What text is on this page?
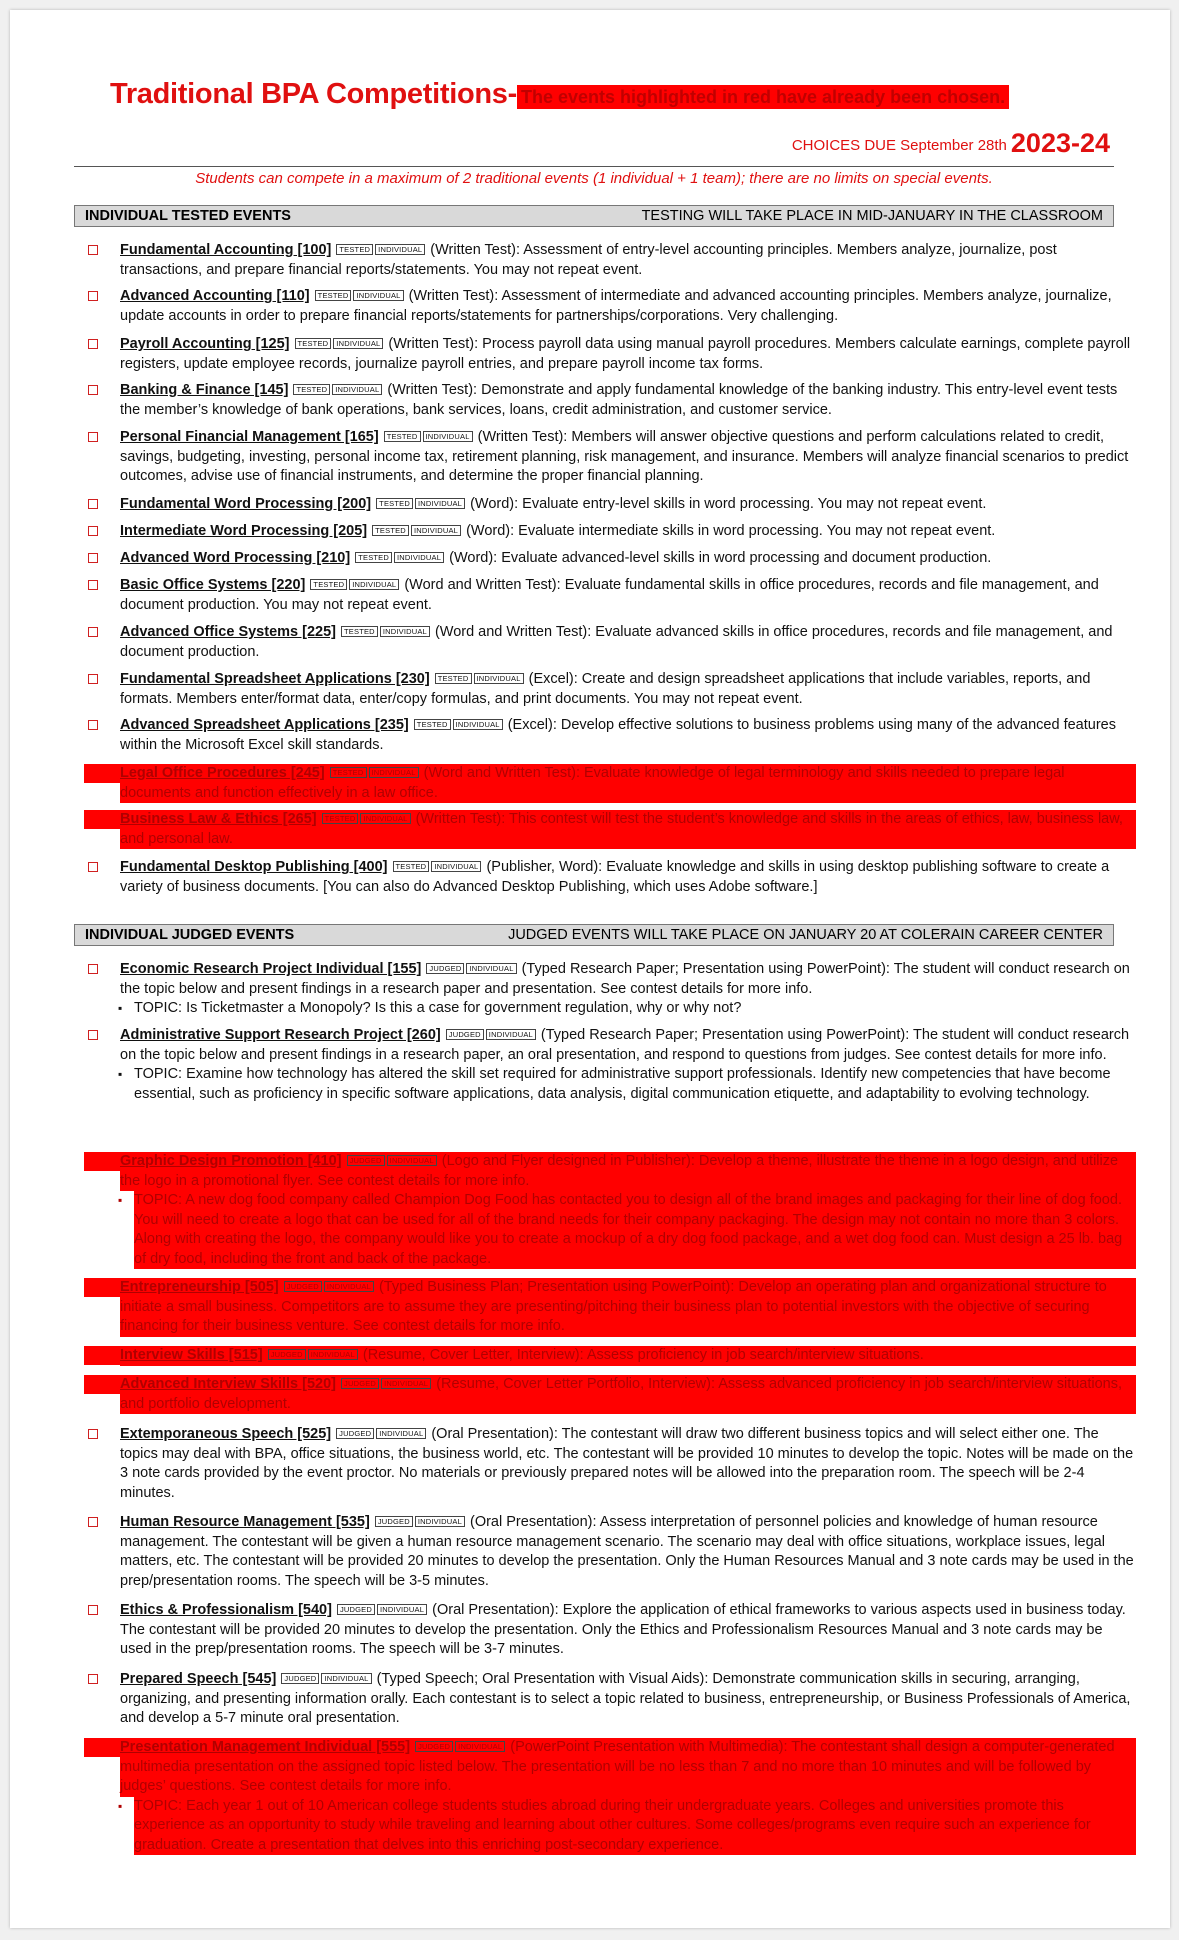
Traditional BPA Competitions- The events highlighted in red have already been chosen.
CHOICES DUE September 28th 2023-24
Students can compete in a maximum of 2 traditional events (1 individual + 1 team); there are no limits on special events.
INDIVIDUAL TESTED EVENTS	TESTING WILL TAKE PLACE IN MID-JANUARY IN THE CLASSROOM
Fundamental Accounting [100] TESTED INDIVIDUAL (Written Test): Assessment of entry-level accounting principles. Members analyze, journalize, post transactions, and prepare financial reports/statements. You may not repeat event.
Advanced Accounting [110] TESTED INDIVIDUAL (Written Test): Assessment of intermediate and advanced accounting principles. Members analyze, journalize, update accounts in order to prepare financial reports/statements for partnerships/corporations. Very challenging.
Payroll Accounting [125] TESTED INDIVIDUAL (Written Test): Process payroll data using manual payroll procedures. Members calculate earnings, complete payroll registers, update employee records, journalize payroll entries, and prepare payroll income tax forms.
Banking & Finance [145] TESTED INDIVIDUAL (Written Test): Demonstrate and apply fundamental knowledge of the banking industry. This entry-level event tests the member’s knowledge of bank operations, bank services, loans, credit administration, and customer service.
Personal Financial Management [165] TESTED INDIVIDUAL (Written Test): Members will answer objective questions and perform calculations related to credit, savings, budgeting, investing, personal income tax, retirement planning, risk management, and insurance. Members will analyze financial scenarios to predict outcomes, advise use of financial instruments, and determine the proper financial planning.
Fundamental Word Processing [200] TESTED INDIVIDUAL (Word): Evaluate entry-level skills in word processing. You may not repeat event.
Intermediate Word Processing [205] TESTED INDIVIDUAL (Word): Evaluate intermediate skills in word processing. You may not repeat event.
Advanced Word Processing [210] TESTED INDIVIDUAL (Word): Evaluate advanced-level skills in word processing and document production.
Basic Office Systems [220] TESTED INDIVIDUAL (Word and Written Test): Evaluate fundamental skills in office procedures, records and file management, and document production. You may not repeat event.
Advanced Office Systems [225] TESTED INDIVIDUAL (Word and Written Test): Evaluate advanced skills in office procedures, records and file management, and document production.
Fundamental Spreadsheet Applications [230] TESTED INDIVIDUAL (Excel): Create and design spreadsheet applications that include variables, reports, and formats. Members enter/format data, enter/copy formulas, and print documents. You may not repeat event.
Advanced Spreadsheet Applications [235] TESTED INDIVIDUAL (Excel): Develop effective solutions to business problems using many of the advanced features within the Microsoft Excel skill standards.
Legal Office Procedures [245] TESTED INDIVIDUAL (Word and Written Test): Evaluate knowledge of legal terminology and skills needed to prepare legal documents and function effectively in a law office.
Business Law & Ethics [265] TESTED INDIVIDUAL (Written Test): This contest will test the student’s knowledge and skills in the areas of ethics, law, business law, and personal law.
Fundamental Desktop Publishing [400] TESTED INDIVIDUAL (Publisher, Word): Evaluate knowledge and skills in using desktop publishing software to create a variety of business documents. [You can also do Advanced Desktop Publishing, which uses Adobe software.]
INDIVIDUAL JUDGED EVENTS	JUDGED EVENTS WILL TAKE PLACE ON JANUARY 20 AT COLERAIN CAREER CENTER
Economic Research Project Individual [155] JUDGED INDIVIDUAL (Typed Research Paper; Presentation using PowerPoint): The student will conduct research on the topic below and present findings in a research paper and presentation. See contest details for more info.
▪ TOPIC: Is Ticketmaster a Monopoly? Is this a case for government regulation, why or why not?
Administrative Support Research Project [260] JUDGED INDIVIDUAL (Typed Research Paper; Presentation using PowerPoint): The student will conduct research on the topic below and present findings in a research paper, an oral presentation, and respond to questions from judges. See contest details for more info.
▪ TOPIC: Examine how technology has altered the skill set required for administrative support professionals. Identify new competencies that have become essential, such as proficiency in specific software applications, data analysis, digital communication etiquette, and adaptability to evolving technology.
Graphic Design Promotion [410] JUDGED INDIVIDUAL (Logo and Flyer designed in Publisher): Develop a theme, illustrate the theme in a logo design, and utilize the logo in a promotional flyer. See contest details for more info.
▪ TOPIC: A new dog food company called Champion Dog Food has contacted you to design all of the brand images and packaging for their line of dog food. You will need to create a logo that can be used for all of the brand needs for their company packaging. The design may not contain no more than 3 colors. Along with creating the logo, the company would like you to create a mockup of a dry dog food package, and a wet dog food can. Must design a 25 lb. bag of dry food, including the front and back of the package.
Entrepreneurship [505] JUDGED INDIVIDUAL (Typed Business Plan; Presentation using PowerPoint): Develop an operating plan and organizational structure to initiate a small business. Competitors are to assume they are presenting/pitching their business plan to potential investors with the objective of securing financing for their business venture. See contest details for more info.
Interview Skills [515] JUDGED INDIVIDUAL (Resume, Cover Letter, Interview): Assess proficiency in job search/interview situations.
Advanced Interview Skills [520] JUDGED INDIVIDUAL (Resume, Cover Letter Portfolio, Interview): Assess advanced proficiency in job search/interview situations, and portfolio development.
Extemporaneous Speech [525] JUDGED INDIVIDUAL (Oral Presentation): The contestant will draw two different business topics and will select either one. The topics may deal with BPA, office situations, the business world, etc. The contestant will be provided 10 minutes to develop the topic. Notes will be made on the 3 note cards provided by the event proctor. No materials or previously prepared notes will be allowed into the preparation room. The speech will be 2-4 minutes.
Human Resource Management [535] JUDGED INDIVIDUAL (Oral Presentation): Assess interpretation of personnel policies and knowledge of human resource management. The contestant will be given a human resource management scenario. The scenario may deal with office situations, workplace issues, legal matters, etc. The contestant will be provided 20 minutes to develop the presentation. Only the Human Resources Manual and 3 note cards may be used in the prep/presentation rooms. The speech will be 3-5 minutes.
Ethics & Professionalism [540] JUDGED INDIVIDUAL (Oral Presentation): Explore the application of ethical frameworks to various aspects used in business today. The contestant will be provided 20 minutes to develop the presentation. Only the Ethics and Professionalism Resources Manual and 3 note cards may be used in the prep/presentation rooms. The speech will be 3-7 minutes.
Prepared Speech [545] JUDGED INDIVIDUAL (Typed Speech; Oral Presentation with Visual Aids): Demonstrate communication skills in securing, arranging, organizing, and presenting information orally. Each contestant is to select a topic related to business, entrepreneurship, or Business Professionals of America, and develop a 5-7 minute oral presentation.
Presentation Management Individual [555] JUDGED INDIVIDUAL (PowerPoint Presentation with Multimedia): The contestant shall design a computer-generated multimedia presentation on the assigned topic listed below. The presentation will be no less than 7 and no more than 10 minutes and will be followed by judges’ questions. See contest details for more info.
▪ TOPIC: Each year 1 out of 10 American college students studies abroad during their undergraduate years. Colleges and universities promote this experience as an opportunity to study while traveling and learning about other cultures. Some colleges/programs even require such an experience for graduation. Create a presentation that delves into this enriching post-secondary experience.
